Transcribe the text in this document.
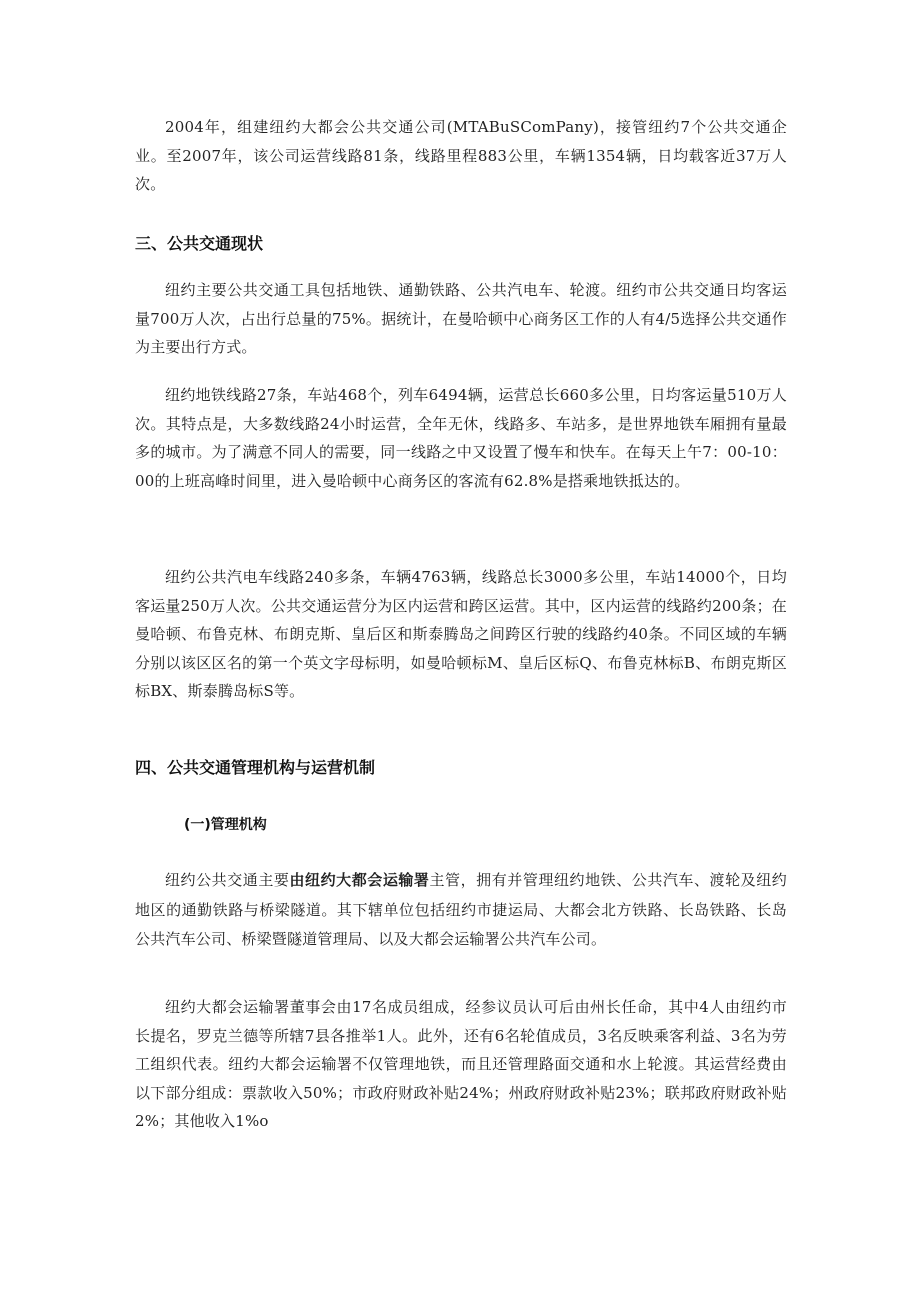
2004年，组建纽约大都会公共交通公司(MTABuSComPany)，接管纽约7个公共交通企业。至2007年，该公司运营线路81条，线路里程883公里，车辆1354辆，日均载客近37万人次。

三、公共交通现状

纽约主要公共交通工具包括地铁、通勤铁路、公共汽电车、轮渡。纽约市公共交通日均客运量700万人次，占出行总量的75%。据统计，在曼哈顿中心商务区工作的人有4/5选择公共交通作为主要出行方式。

纽约地铁线路27条，车站468个，列车6494辆，运营总长660多公里，日均客运量510万人次。其特点是，大多数线路24小时运营，全年无休，线路多、车站多，是世界地铁车厢拥有量最多的城市。为了满意不同人的需要，同一线路之中又设置了慢车和快车。在每天上午7：00-10：00的上班高峰时间里，进入曼哈顿中心商务区的客流有62.8%是搭乘地铁抵达的。

纽约公共汽电车线路240多条，车辆4763辆，线路总长3000多公里，车站14000个，日均客运量250万人次。公共交通运营分为区内运营和跨区运营。其中，区内运营的线路约200条；在曼哈顿、布鲁克林、布朗克斯、皇后区和斯泰腾岛之间跨区行驶的线路约40条。不同区域的车辆分别以该区区名的第一个英文字母标明，如曼哈顿标M、皇后区标Q、布鲁克林标B、布朗克斯区标BX、斯泰腾岛标S等。

四、公共交通管理机构与运营机制
(一)管理机构

纽约公共交通主要由纽约大都会运输署主管，拥有并管理纽约地铁、公共汽车、渡轮及纽约地区的通勤铁路与桥梁隧道。其下辖单位包括纽约市捷运局、大都会北方铁路、长岛铁路、长岛公共汽车公司、桥梁暨隧道管理局、以及大都会运输署公共汽车公司。

纽约大都会运输署董事会由17名成员组成，经参议员认可后由州长任命，其中4人由纽约市长提名，罗克兰德等所辖7县各推举1人。此外，还有6名轮值成员，3名反映乘客利益、3名为劳工组织代表。纽约大都会运输署不仅管理地铁，而且还管理路面交通和水上轮渡。其运营经费由以下部分组成：票款收入50%；市政府财政补贴24%；州政府财政补贴23%；联邦政府财政补贴2%；其他收入1%o
